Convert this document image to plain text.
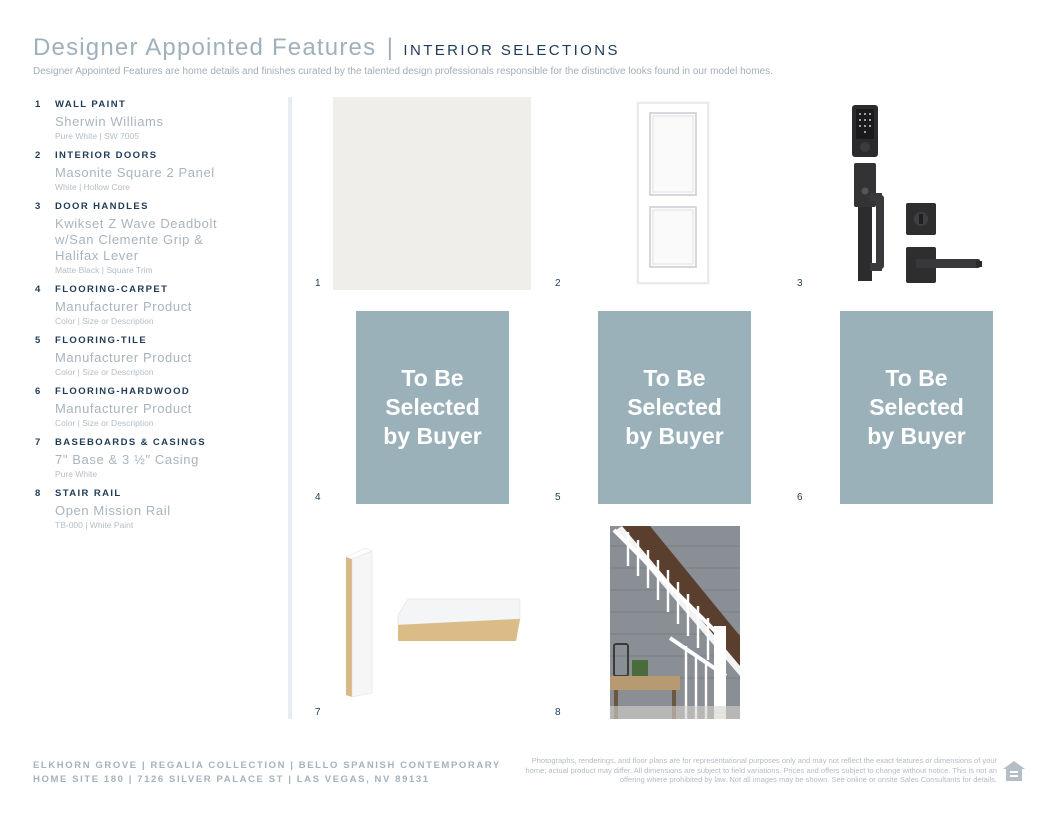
Designer Appointed Features | INTERIOR SELECTIONS
Designer Appointed Features are home details and finishes curated by the talented design professionals responsible for the distinctive looks found in our model homes.
1 WALL PAINT
Sherwin Williams
Pure White | SW 7005
2 INTERIOR DOORS
Masonite Square 2 Panel
White | Hollow Core
3 DOOR HANDLES
Kwikset Z Wave Deadbolt w/San Clemente Grip & Halifax Lever
Matte Black | Square Trim
4 FLOORING-CARPET
Manufacturer Product
Color | Size or Description
5 FLOORING-TILE
Manufacturer Product
Color | Size or Description
6 FLOORING-HARDWOOD
Manufacturer Product
Color | Size or Description
7 BASEBOARDS & CASINGS
7" Base & 3 ½" Casing
Pure White
8 STAIR RAIL
Open Mission Rail
TB-000 | White Paint
1	2	3
To Be
Selected
by Buyer
4
To Be
Selected
by Buyer
5
To Be
Selected
by Buyer
6
7	8
ELKHORN GROVE | REGALIA COLLECTION | BELLO SPANISH CONTEMPORARY
HOME SITE 180 | 7126 SILVER PALACE ST | LAS VEGAS, NV 89131
Photographs, renderings, and floor plans are for representational purposes only and may not reflect the exact features or dimensions of your home; actual product may differ. All dimensions are subject to field variations. Prices and offers subject to change without notice. This is not an offering where prohibited by law. Not all images may be shown. See online or onsite Sales Consultants for details.
